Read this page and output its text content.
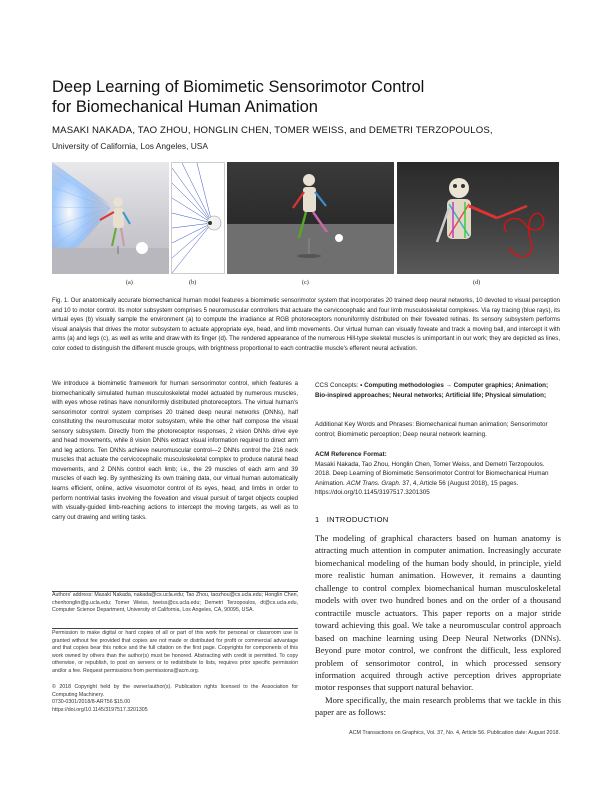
Deep Learning of Biomimetic Sensorimotor Control
for Biomechanical Human Animation
MASAKI NAKADA, TAO ZHOU, HONGLIN CHEN, TOMER WEISS, and DEMETRI TERZOPOULOS,
University of California, Los Angeles, USA
(a)	(b)	(c)	(d)
Fig. 1. Our anatomically accurate biomechanical human model features a biomimetic sensorimotor system that incorporates 20 trained deep neural networks, 10 devoted to visual perception and 10 to motor control. Its motor subsystem comprises 5 neuromuscular controllers that actuate the cervicocephalic and four limb musculoskeletal complexes. Via ray tracing (blue rays), its virtual eyes (b) visually sample the environment (a) to compute the irradiance at RGB photoreceptors nonuniformly distributed on their foveated retinas. Its sensory subsystem performs visual analysis that drives the motor subsystem to actuate appropriate eye, head, and limb movements. Our virtual human can visually foveate and track a moving ball, and intercept it with arms (a) and legs (c), as well as write and draw with its finger (d). The rendered appearance of the numerous Hill-type skeletal muscles is unimportant in our work; they are depicted as lines, color coded to distinguish the different muscle groups, with brightness proportional to each contractile muscle's efferent neural activation.
We introduce a biomimetic framework for human sensorimotor control, which features a biomechanically simulated human musculoskeletal model actuated by numerous muscles, with eyes whose retinas have nonuniformly distributed photoreceptors. The virtual human's sensorimotor control system comprises 20 trained deep neural networks (DNNs), half constituting the neuromuscular motor subsystem, while the other half compose the visual sensory subsystem. Directly from the photoreceptor responses, 2 vision DNNs drive eye and head movements, while 8 vision DNNs extract visual information required to direct arm and leg actions. Ten DNNs achieve neuromuscular control—2 DNNs control the 216 neck muscles that actuate the cervicocephalic musculoskeletal complex to produce natural head movements, and 2 DNNs control each limb; i.e., the 29 muscles of each arm and 39 muscles of each leg. By synthesizing its own training data, our virtual human automatically learns efficient, online, active visuomotor control of its eyes, head, and limbs in order to perform nontrivial tasks involving the foveation and visual pursuit of target objects coupled with visually-guided limb-reaching actions to intercept the moving targets, as well as to carry out drawing and writing tasks.
Authors' address: Masaki Nakada, nakada@cs.ucla.edu; Tao Zhou, taozhou@cs.ucla.edu; Honglin Chen, chenhonglin@g.ucla.edu; Tomer Weiss, tweiss@cs.ucla.edu; Demetri Terzopoulos, dt@cs.ucla.edu, Computer Science Department, University of California, Los Angeles, CA, 90095, USA.
Permission to make digital or hard copies of all or part of this work for personal or classroom use is granted without fee provided that copies are not made or distributed for profit or commercial advantage and that copies bear this notice and the full citation on the first page. Copyrights for components of this work owned by others than the author(s) must be honored. Abstracting with credit is permitted. To copy otherwise, or republish, to post on servers or to redistribute to lists, requires prior specific permission and/or a fee. Request permissions from permissions@acm.org.
© 2018 Copyright held by the owner/author(s). Publication rights licensed to the Association for Computing Machinery.
0730-0301/2018/8-ART56 $15.00
https://doi.org/10.1145/3197517.3201305

CCS Concepts: • Computing methodologies → Computer graphics; Animation; Bio-inspired approaches; Neural networks; Artificial life; Physical simulation;

Additional Key Words and Phrases: Biomechanical human animation; Sensorimotor control; Biomimetic perception; Deep neural network learning.

ACM Reference Format:

Masaki Nakada, Tao Zhou, Honglin Chen, Tomer Weiss, and Demetri Terzopoulos. 2018. Deep Learning of Biomimetic Sensorimotor Control for Biomechanical Human Animation. ACM Trans. Graph. 37, 4, Article 56 (August 2018), 15 pages. https://doi.org/10.1145/3197517.3201305

1 INTRODUCTION

The modeling of graphical characters based on human anatomy is attracting much attention in computer animation. Increasingly accurate biomechanical modeling of the human body should, in principle, yield more realistic human animation. However, it remains a daunting challenge to control complex biomechanical human musculoskeletal models with over two hundred bones and on the order of a thousand contractile muscle actuators. This paper reports on a major stride toward achieving this goal. We take a neuromuscular control approach based on machine learning using Deep Neural Networks (DNNs). Beyond pure motor control, we confront the difficult, less explored problem of sensorimotor control, in which processed sensory information acquired through active perception drives appropriate motor responses that support natural behavior.

More specifically, the main research problems that we tackle in this paper are as follows:

ACM Transactions on Graphics, Vol. 37, No. 4, Article 56. Publication date: August 2018.
